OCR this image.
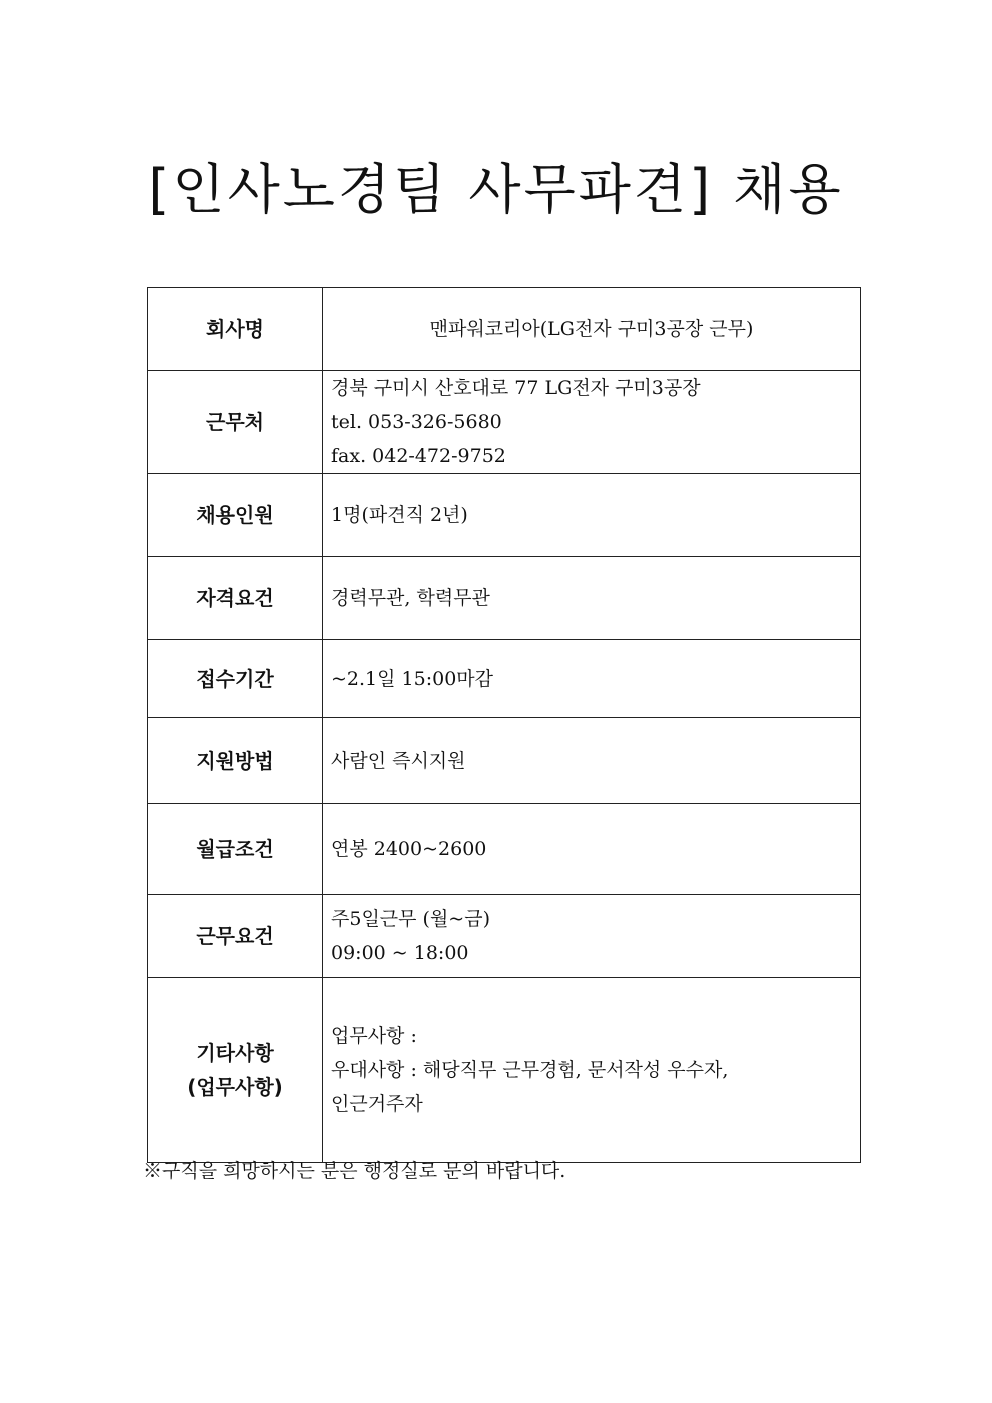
[인사노경팀 사무파견] 채용
회사명	맨파워코리아(LG전자 구미3공장 근무)

근무처	경북 구미시 산호대로 77 LG전자 구미3공장
tel. 053-326-5680
fax. 042-472-9752

채용인원	1명(파견직 2년)

자격요건	경력무관, 학력무관

접수기간	~2.1일 15:00마감

지원방법	사람인 즉시지원

월급조건	연봉 2400~2600

근무요건	주5일근무 (월~금)
09:00 ~ 18:00

기타사항
(업무사항)	업무사항 :
우대사항 : 해당직무 근무경험, 문서작성 우수자,
인근거주자
※구직을 희망하시는 분은 행정실로 문의 바랍니다.
